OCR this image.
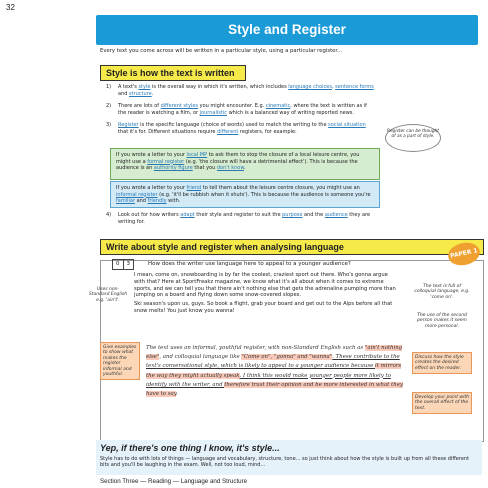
32
Style and Register
Every text you come across will be written in a particular style, using a particular register...
Style is how the text is written
1) A text's style is the overall way in which it's written, which includes language choices, sentence forms and structure.
2) There are lots of different styles you might encounter. E.g. cinematic, where the text is written as if the reader is watching a film, or journalistic which is a balanced way of writing reported news.
3) Register is the specific language (choice of words) used to match the writing to the social situation that it's for. Different situations require different registers, for example:	Register can be thought of as a part of style.
If you wrote a letter to your local MP to ask them to stop the closure of a local leisure centre, you might use a formal register (e.g. 'the closure will have a detrimental effect'). This is because the audience is an authority figure that you don't know.
If you wrote a letter to your friend to tell them about the leisure centre closure, you might use an informal register (e.g. 'it'll be rubbish when it shuts'). This is because the audience is someone you're familiar and friendly with.
4) Look out for how writers adapt their style and register to suit the purpose and the audience they are writing for.
Write about style and register when analysing language
PAPER 1
0	3	How does the writer use language here to appeal to a younger audience?
I mean, come on, snowboarding is by far the coolest, craziest sport out there. Who's gonna argue with that? Here at SportFreakz magazine, we know what it's all about when it comes to extreme sports, and we can tell you that there ain't nothing else that gets the adrenaline pumping more than jumping on a board and flying down some snow-covered slopes.
Ski season's upon us, guys. So book a flight, grab your board and get out to the Alps before all that snow melts! You just know you wanna!
Uses non-Standard English e.g. 'ain't'.
The text is full of colloquial language, e.g. 'come on'.
The use of the second person makes it seem more personal.
Give examples to show what makes the register informal and youthful.
Discuss how the style creates the desired effect on the reader.
Develop your point with the overall effect of the text.
The text uses an informal, youthful register, with non-Standard English such as "ain't nothing else", and colloquial language like "Come on", "gonna" and "wanna". These contribute to the text's conversational style, which is likely to appeal to a younger audience because it mirrors the way they might actually speak. I think this would make younger people more likely to identify with the writer, and therefore trust their opinion and be more interested in what they have to say.
Yep, if there's one thing I know, it's style...
Style has to do with lots of things — language and vocabulary, structure, tone... so just think about how the style is built up from all these different bits and you'll be laughing in the exam. Well, not too loud, mind...
Section Three — Reading — Language and Structure
